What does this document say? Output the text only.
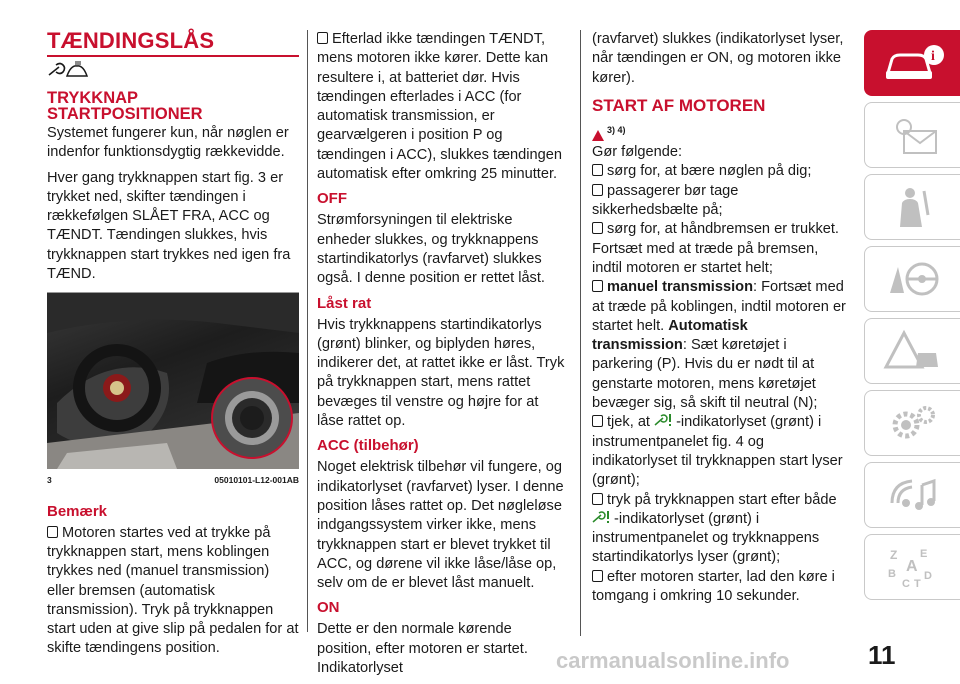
TÆNDINGSLÅS
TRYKKNAP STARTPOSITIONER

Systemet fungerer kun, når nøglen er indenfor funktionsdygtig rækkevidde.

Hver gang trykknappen start fig. 3 er trykket ned, skifter tændingen i rækkefølgen SLÅET FRA, ACC og TÆNDT. Tændingen slukkes, hvis trykknappen start trykkes ned igen fra TÆND.

3	05010101-L12-001AB
Bemærk

Motoren startes ved at trykke på trykknappen start, mens koblingen trykkes ned (manuel transmission) eller bremsen (automatisk transmission). Tryk på trykknappen start uden at give slip på pedalen for at skifte tændingens position.

Efterlad ikke tændingen TÆNDT, mens motoren ikke kører. Dette kan resultere i, at batteriet dør. Hvis tændingen efterlades i ACC (for automatisk transmission, er gearvælgeren i position P og tændingen i ACC), slukkes tændingen automatisk efter omkring 25 minutter.

OFF

Strømforsyningen til elektriske enheder slukkes, og trykknappens startindikatorlys (ravfarvet) slukkes også. I denne position er rettet låst.

Låst rat

Hvis trykknappens startindikatorlys (grønt) blinker, og biplyden høres, indikerer det, at rattet ikke er låst. Tryk på trykknappen start, mens rattet bevæges til venstre og højre for at låse rattet op.

ACC (tilbehør)

Noget elektrisk tilbehør vil fungere, og indikatorlyset (ravfarvet) lyser. I denne position låses rattet op. Det nøgleløse indgangssystem virker ikke, mens trykknappen start er blevet trykket til ACC, og dørene vil ikke låse/låse op, selv om de er blevet låst manuelt.

ON

Dette er den normale kørende position, efter motoren er startet. Indikatorlyset

(ravfarvet) slukkes (indikatorlyset lyser, når tændingen er ON, og motoren ikke kører).

START AF MOTOREN
$^{3) 4)}$

Gør følgende:

sørg for, at bære nøglen på dig;
passagerer bør tage sikkerhedsbælte på;
sørg for, at håndbremsen er trukket. Fortsæt med at træde på bremsen, indtil motoren er startet helt;
manuel transmission: Fortsæt med at træde på koblingen, indtil motoren er startet helt. Automatisk transmission: Sæt køretøjet i parkering (P). Hvis du er nødt til at genstarte motoren, mens køretøjet bevæger sig, så skift til neutral (N);
tjek, at -indikatorlyset (grønt) i instrumentpanelet fig. 4 og indikatorlyset til trykknappen start lyser (grønt);
tryk på trykknappen start efter både -indikatorlyset (grønt) i instrumentpanelet og trykknappens startindikatorlys lyser (grønt);
efter motoren starter, lad den køre i tomgang i omkring 10 sekunder.
i
Z E
A
B	D
C T
carmanualsonline.info	11
